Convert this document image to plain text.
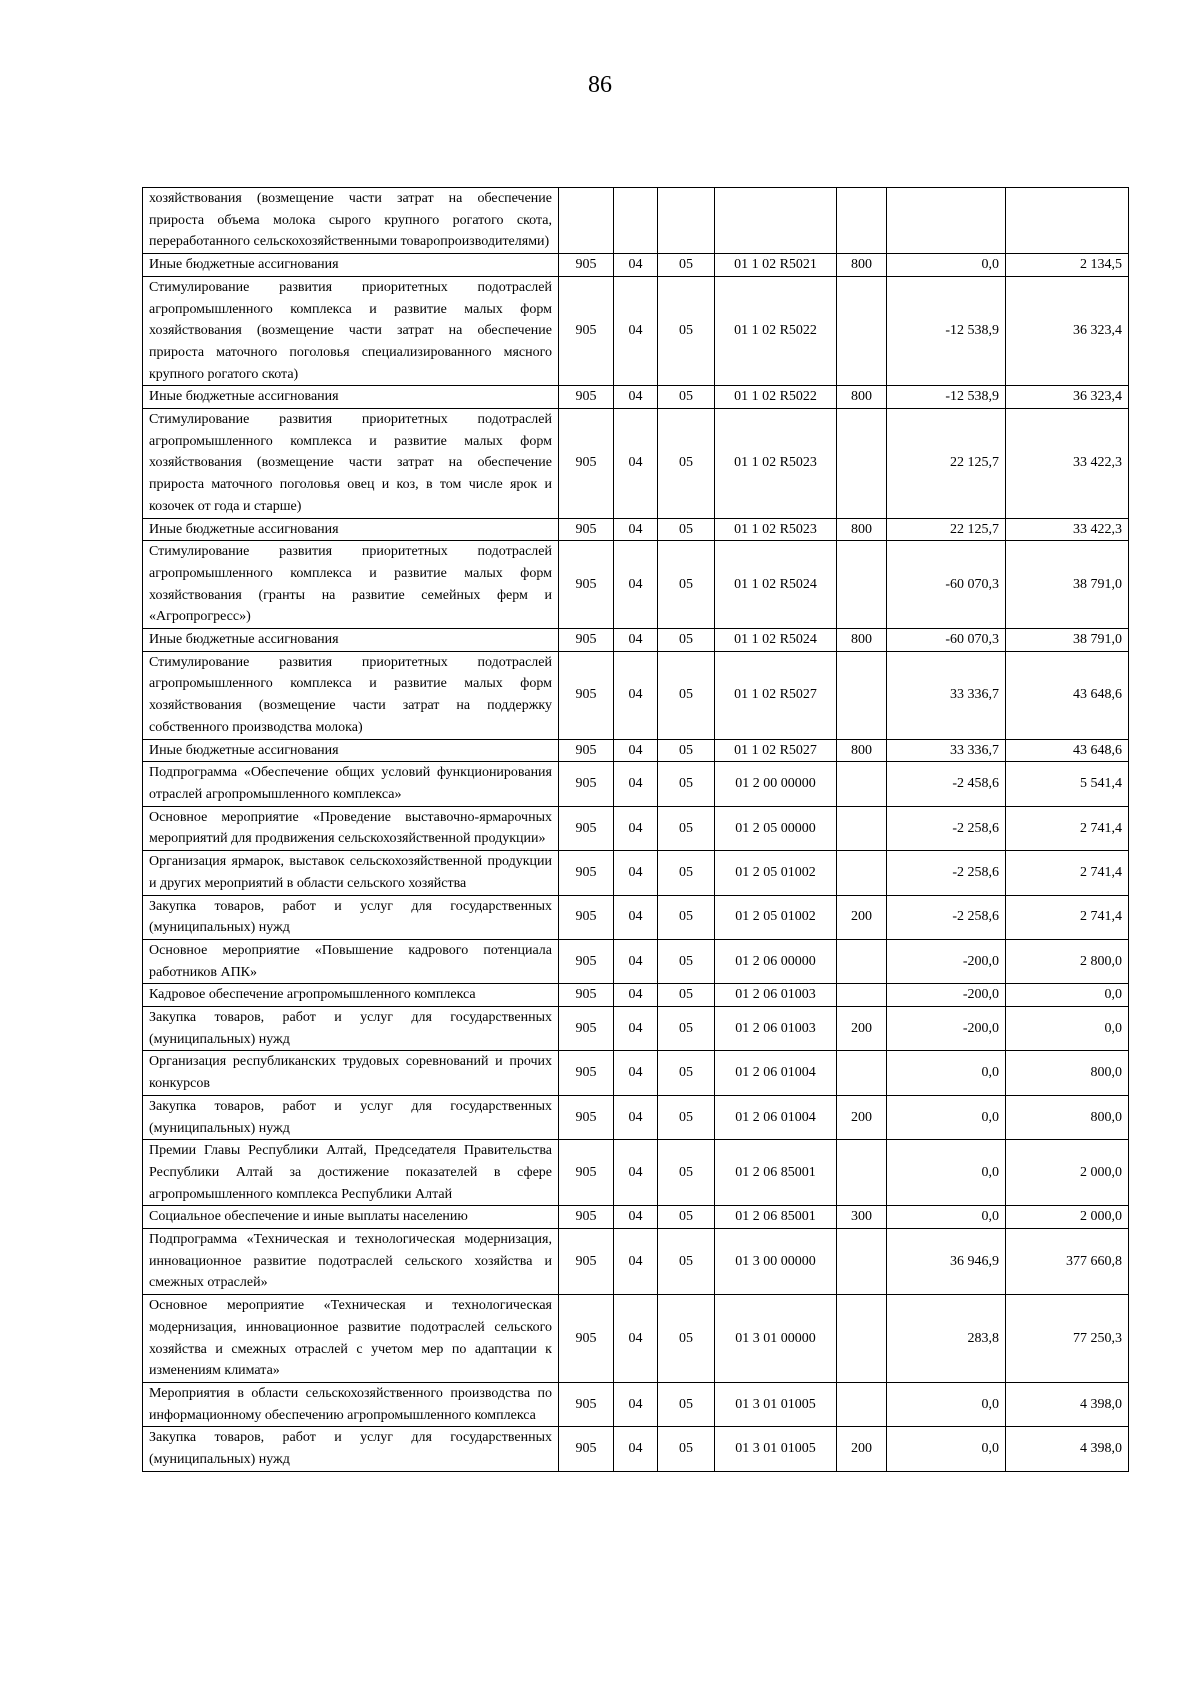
86
хозяйствования (возмещение части затрат на обеспечение прироста объема молока сырого крупного рогатого скота, переработанного сельскохозяйственными товаропроизводителями)							
Иные бюджетные ассигнования	905	04	05	01 1 02 R5021	800	0,0	2 134,5
Стимулирование развития приоритетных подотраслей агропромышленного комплекса и развитие малых форм хозяйствования (возмещение части затрат на обеспечение прироста маточного поголовья специализированного мясного крупного рогатого скота)	905	04	05	01 1 02 R5022		-12 538,9	36 323,4
Иные бюджетные ассигнования	905	04	05	01 1 02 R5022	800	-12 538,9	36 323,4
Стимулирование развития приоритетных подотраслей агропромышленного комплекса и развитие малых форм хозяйствования (возмещение части затрат на обеспечение прироста маточного поголовья овец и коз, в том числе ярок и козочек от года и старше)	905	04	05	01 1 02 R5023		22 125,7	33 422,3
Иные бюджетные ассигнования	905	04	05	01 1 02 R5023	800	22 125,7	33 422,3
Стимулирование развития приоритетных подотраслей агропромышленного комплекса и развитие малых форм хозяйствования (гранты на развитие семейных ферм и «Агропрогресс»)	905	04	05	01 1 02 R5024		-60 070,3	38 791,0
Иные бюджетные ассигнования	905	04	05	01 1 02 R5024	800	-60 070,3	38 791,0
Стимулирование развития приоритетных подотраслей агропромышленного комплекса и развитие малых форм хозяйствования (возмещение части затрат на поддержку собственного производства молока)	905	04	05	01 1 02 R5027		33 336,7	43 648,6
Иные бюджетные ассигнования	905	04	05	01 1 02 R5027	800	33 336,7	43 648,6
Подпрограмма «Обеспечение общих условий функционирования отраслей агропромышленного комплекса»	905	04	05	01 2 00 00000		-2 458,6	5 541,4
Основное мероприятие «Проведение выставочно-ярмарочных мероприятий для продвижения сельскохозяйственной продукции»	905	04	05	01 2 05 00000		-2 258,6	2 741,4
Организация ярмарок, выставок сельскохозяйственной продукции и других мероприятий в области сельского хозяйства	905	04	05	01 2 05 01002		-2 258,6	2 741,4
Закупка товаров, работ и услуг для государственных (муниципальных) нужд	905	04	05	01 2 05 01002	200	-2 258,6	2 741,4
Основное мероприятие «Повышение кадрового потенциала работников АПК»	905	04	05	01 2 06 00000		-200,0	2 800,0
Кадровое обеспечение агропромышленного комплекса	905	04	05	01 2 06 01003		-200,0	0,0
Закупка товаров, работ и услуг для государственных (муниципальных) нужд	905	04	05	01 2 06 01003	200	-200,0	0,0
Организация республиканских трудовых соревнований и прочих конкурсов	905	04	05	01 2 06 01004		0,0	800,0
Закупка товаров, работ и услуг для государственных (муниципальных) нужд	905	04	05	01 2 06 01004	200	0,0	800,0
Премии Главы Республики Алтай, Председателя Правительства Республики Алтай за достижение показателей в сфере агропромышленного комплекса Республики Алтай	905	04	05	01 2 06 85001		0,0	2 000,0
Социальное обеспечение и иные выплаты населению	905	04	05	01 2 06 85001	300	0,0	2 000,0
Подпрограмма «Техническая и технологическая модернизация, инновационное развитие подотраслей сельского хозяйства и смежных отраслей»	905	04	05	01 3 00 00000		36 946,9	377 660,8
Основное мероприятие «Техническая и технологическая модернизация, инновационное развитие подотраслей сельского хозяйства и смежных отраслей с учетом мер по адаптации к изменениям климата»	905	04	05	01 3 01 00000		283,8	77 250,3
Мероприятия в области сельскохозяйственного производства по информационному обеспечению агропромышленного комплекса	905	04	05	01 3 01 01005		0,0	4 398,0
Закупка товаров, работ и услуг для государственных (муниципальных) нужд	905	04	05	01 3 01 01005	200	0,0	4 398,0
